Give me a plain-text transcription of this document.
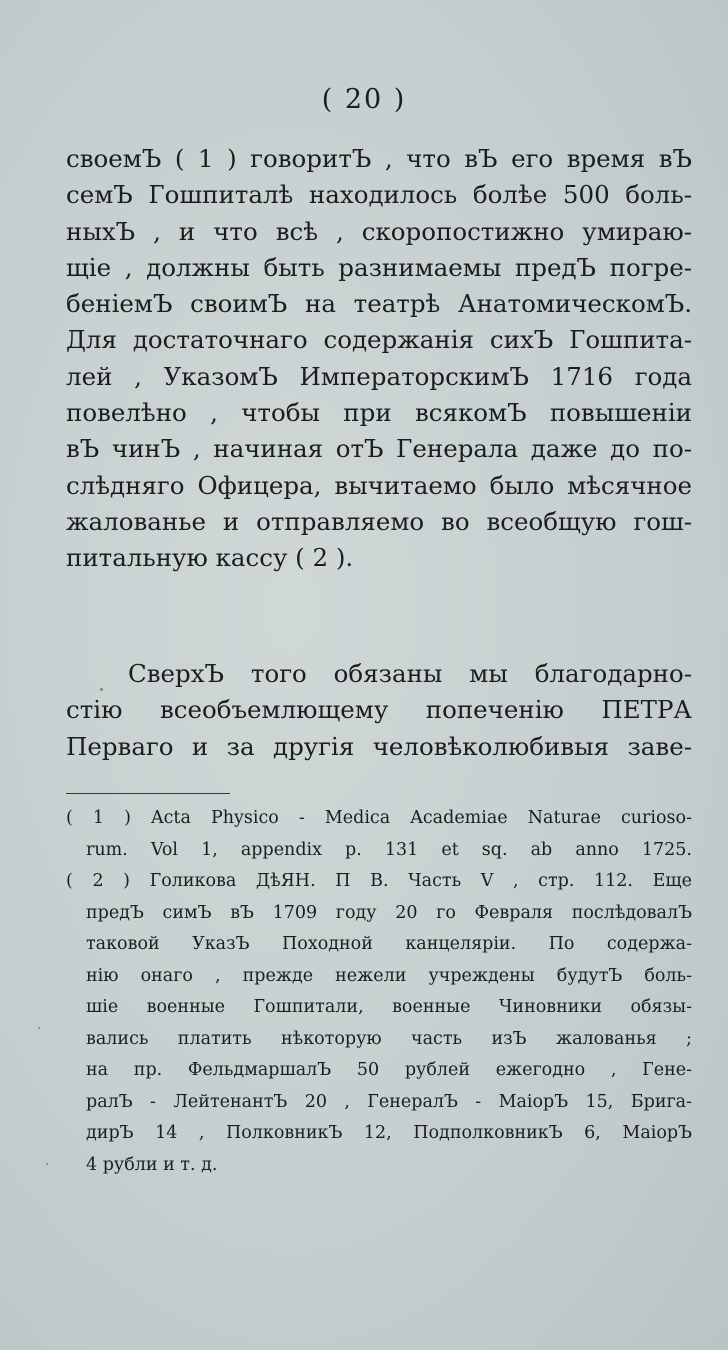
( 20 )
своемЪ ( 1 ) говоритЪ , что вЪ его время вЪ
семЪ Гошпиталѣ находилось болѣе 500 боль-
ныхЪ , и что всѣ , скоропостижно умираю-
щіе , должны быть разнимаемы предЪ погре-
беніемЪ своимЪ на театрѣ АнатомическомЪ.
Для достаточнаго содержанія сихЪ Гошпита-
лей , УказомЪ ИмператорскимЪ 1716 года
повелѣно , чтобы при всякомЪ повышеніи
вЪ чинЪ , начиная отЪ Генерала даже до по-
слѣдняго Офицера, вычитаемо было мѣсячное
жалованье и отправляемо во всеобщую гош-
питальную кассу ( 2 ).
СверхЪ того обязаны мы благодарно-
стію всеобъемлющему попеченію ПЕТРА
Перваго и за другія человѣколюбивыя заве-
( 1 ) Acta Physico - Medica Academiae Naturae curioso-
rum. Vol 1, appendix p. 131 et sq. ab anno 1725.
( 2 ) Голикова ДѣЯН. П В. Часть V , стр. 112. Еще
предЪ симЪ вЪ 1709 году 20 го Февраля послѣдовалЪ
таковой УказЪ Походной канцелярiи. По содержа-
нію онаго , прежде нежели учреждены будутЪ боль-
шіе военные Гошпитали, военные Чиновники обязы-
вались платить нѣкоторую часть изЪ жалованья ;
на пр. ФельдмаршалЪ 50 рублей ежегодно , Гене-
ралЪ - ЛейтенантЪ 20 , ГенералЪ - МаiорЪ 15, Брига-
дирЪ 14 , ПолковникЪ 12, ПодполковникЪ 6, МаiорЪ
4 рубли и т. д.
